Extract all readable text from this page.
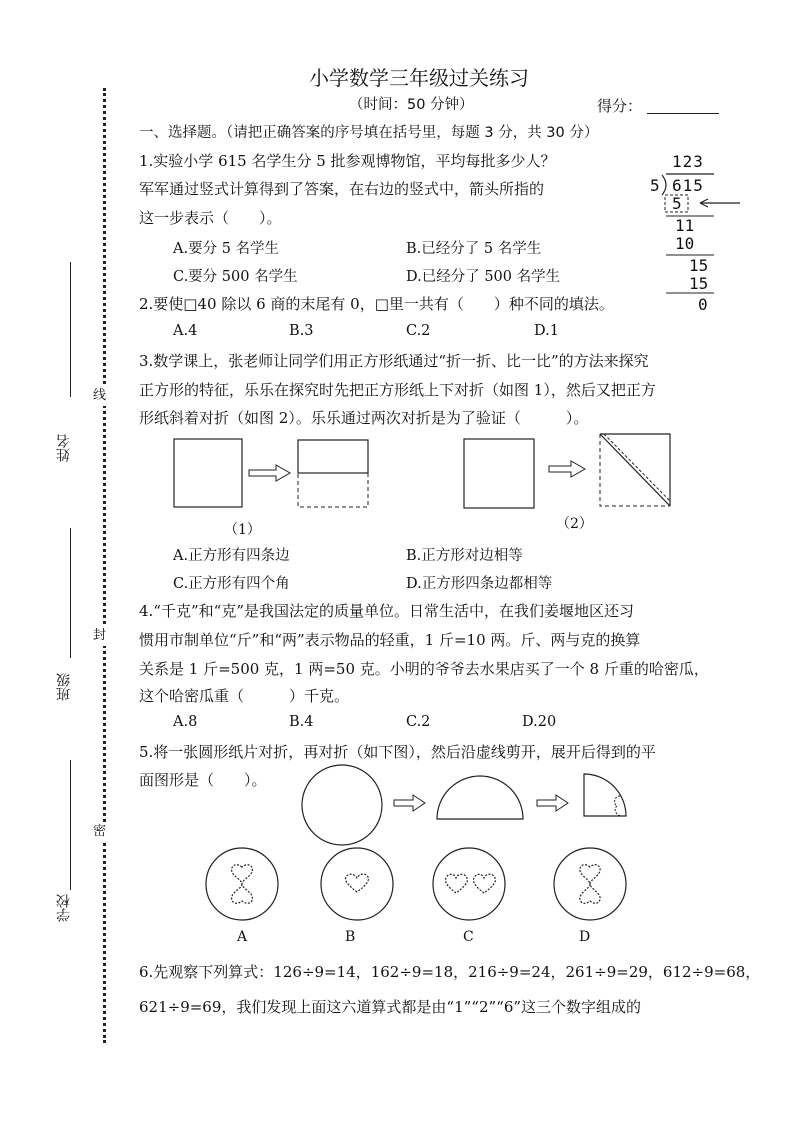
线
封
密
姓名
班级
学校
小学数学三年级过关练习
（时间：50 分钟）	得分：
一、选择题。（请把正确答案的序号填在括号里，每题 3 分，共 30 分）
1.实验小学 615 名学生分 5 批参观博物馆，平均每批多少人？
军军通过竖式计算得到了答案，在右边的竖式中，箭头所指的
这一步表示（　　）。
A.要分 5 名学生	B.已经分了 5 名学生
C.要分 500 名学生	D.已经分了 500 名学生
123
5 615
5
11
10
15
15
0
2.要使□40 除以 6 商的末尾有 0，□里一共有（　　）种不同的填法。
A.4	B.3	C.2	D.1
3.数学课上，张老师让同学们用正方形纸通过“折一折、比一比”的方法来探究
正方形的特征，乐乐在探究时先把正方形纸上下对折（如图 1），然后又把正方
形纸斜着对折（如图 2）。乐乐通过两次对折是为了验证（　　　）。
（1）	（2）
A.正方形有四条边	B.正方形对边相等
C.正方形有四个角	D.正方形四条边都相等
4.“千克”和“克”是我国法定的质量单位。日常生活中，在我们姜堰地区还习
惯用市制单位“斤”和“两”表示物品的轻重，1 斤=10 两。斤、两与克的换算
关系是 1 斤=500 克，1 两=50 克。小明的爷爷去水果店买了一个 8 斤重的哈密瓜，
这个哈密瓜重（　　　）千克。
A.8	B.4	C.2	D.20
5.将一张圆形纸片对折，再对折（如下图），然后沿虚线剪开，展开后得到的平
面图形是（　　）。
A	B	C	D
6.先观察下列算式：126÷9=14，162÷9=18，216÷9=24，261÷9=29，612÷9=68，
621÷9=69，我们发现上面这六道算式都是由“1”“2”“6”这三个数字组成的
